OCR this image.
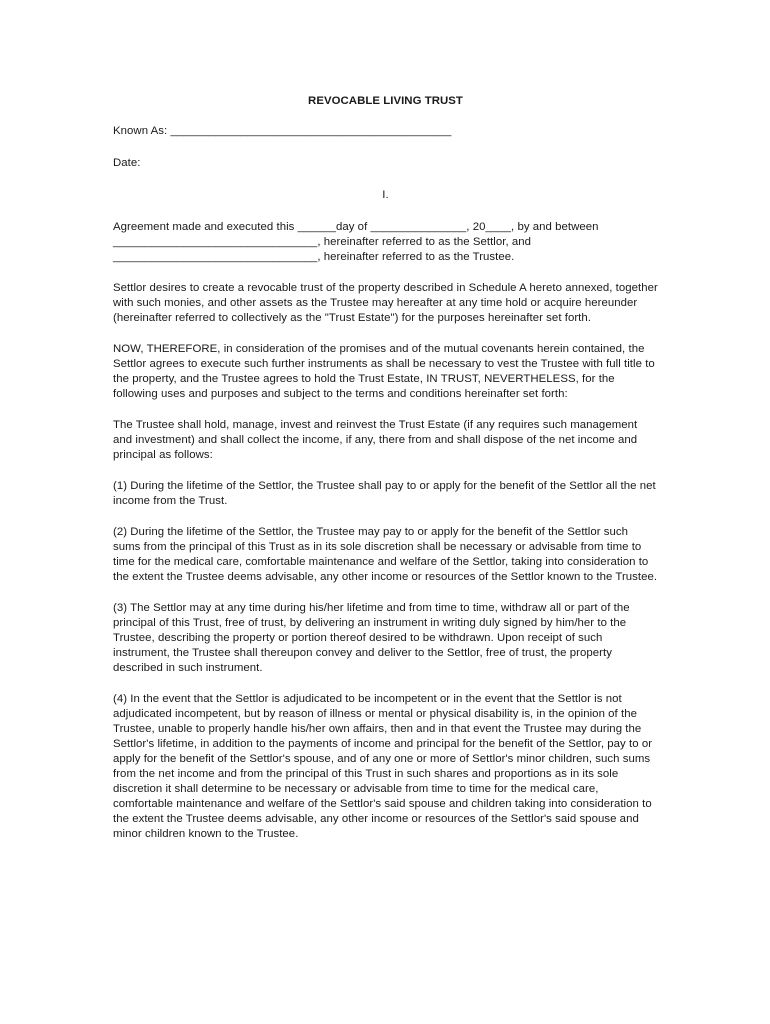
REVOCABLE LIVING TRUST
Known As: ____________________________________________
Date:
I.
Agreement made and executed this ______day of _______________, 20____, by and between
________________________________, hereinafter referred to as the Settlor, and
________________________________, hereinafter referred to as the Trustee.

Settlor desires to create a revocable trust of the property described in Schedule A hereto annexed, together with such monies, and other assets as the Trustee may hereafter at any time hold or acquire hereunder (hereinafter referred to collectively as the "Trust Estate") for the purposes hereinafter set forth.

NOW, THEREFORE, in consideration of the promises and of the mutual covenants herein contained, the Settlor agrees to execute such further instruments as shall be necessary to vest the Trustee with full title to the property, and the Trustee agrees to hold the Trust Estate, IN TRUST, NEVERTHELESS, for the following uses and purposes and subject to the terms and conditions hereinafter set forth:

The Trustee shall hold, manage, invest and reinvest the Trust Estate (if any requires such management and investment) and shall collect the income, if any, there from and shall dispose of the net income and principal as follows:

(1) During the lifetime of the Settlor, the Trustee shall pay to or apply for the benefit of the Settlor all the net income from the Trust.

(2) During the lifetime of the Settlor, the Trustee may pay to or apply for the benefit of the Settlor such sums from the principal of this Trust as in its sole discretion shall be necessary or advisable from time to time for the medical care, comfortable maintenance and welfare of the Settlor, taking into consideration to the extent the Trustee deems advisable, any other income or resources of the Settlor known to the Trustee.

(3) The Settlor may at any time during his/her lifetime and from time to time, withdraw all or part of the principal of this Trust, free of trust, by delivering an instrument in writing duly signed by him/her to the Trustee, describing the property or portion thereof desired to be withdrawn. Upon receipt of such instrument, the Trustee shall thereupon convey and deliver to the Settlor, free of trust, the property described in such instrument.

(4) In the event that the Settlor is adjudicated to be incompetent or in the event that the Settlor is not adjudicated incompetent, but by reason of illness or mental or physical disability is, in the opinion of the Trustee, unable to properly handle his/her own affairs, then and in that event the Trustee may during the Settlor's lifetime, in addition to the payments of income and principal for the benefit of the Settlor, pay to or apply for the benefit of the Settlor's spouse, and of any one or more of Settlor's minor children, such sums from the net income and from the principal of this Trust in such shares and proportions as in its sole discretion it shall determine to be necessary or advisable from time to time for the medical care, comfortable maintenance and welfare of the Settlor's said spouse and children taking into consideration to the extent the Trustee deems advisable, any other income or resources of the Settlor's said spouse and minor children known to the Trustee.
